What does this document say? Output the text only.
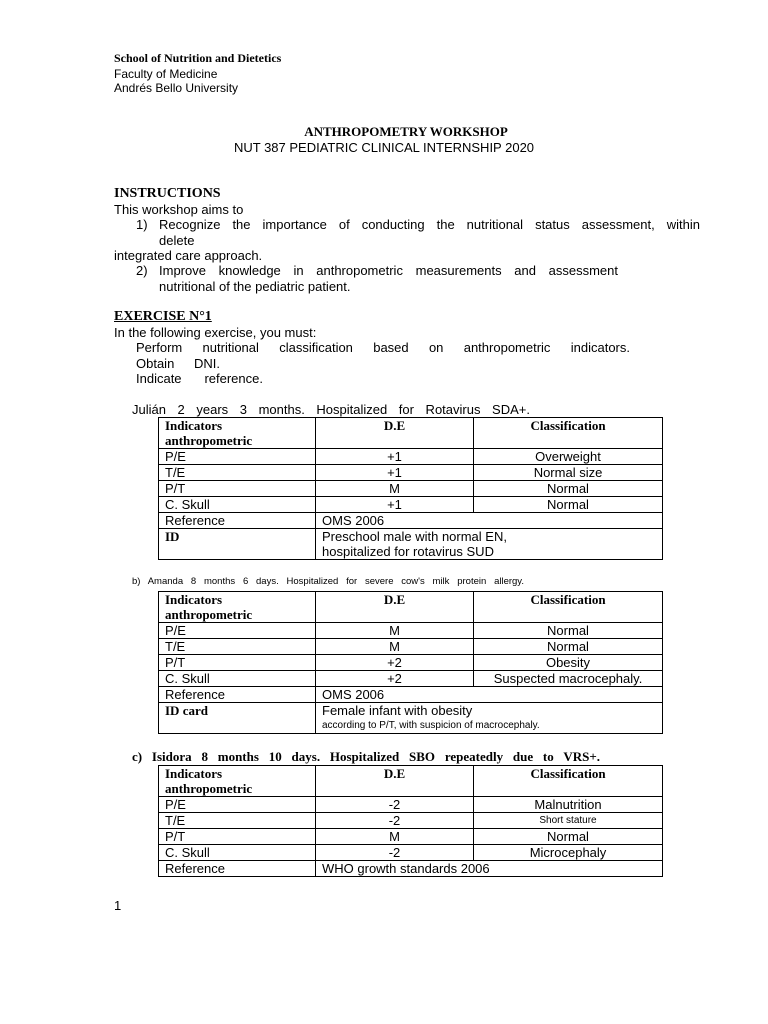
School of Nutrition and Dietetics
Faculty of Medicine
Andrés Bello University
ANTHROPOMETRY WORKSHOP
NUT 387 PEDIATRIC CLINICAL INTERNSHIP 2020
INSTRUCTIONS
This workshop aims to
1) Recognize the importance of conducting the nutritional status assessment, within
delete
integrated care approach.
2) Improve knowledge in anthropometric measurements and assessment
nutritional of the pediatric patient.
EXERCISE N°1
In the following exercise, you must:
Perform nutritional classification based on anthropometric indicators.
Obtain DNI.
Indicate reference.
Julián 2 years 3 months. Hospitalized for Rotavirus SDA+.
Indicators anthropometric	D.E	Classification
P/E	+1	Overweight
T/E	+1	Normal size
P/T	M	Normal
C. Skull	+1	Normal
Reference	OMS 2006	
ID	Preschool male with normal EN,
hospitalized for rotavirus SUD	
b) Amanda 8 months 6 days. Hospitalized for severe cow's milk protein allergy.
Indicators anthropometric	D.E	Classification
P/E	M	Normal
T/E	M	Normal
P/T	+2	Obesity
C. Skull	+2	Suspected macrocephaly.
Reference	OMS 2006	
ID card	Female infant with obesity
according to P/T, with suspicion of macrocephaly.	
c) Isidora 8 months 10 days. Hospitalized SBO repeatedly due to VRS+.
Indicators anthropometric	D.E	Classification
P/E	-2	Malnutrition
T/E	-2	Short stature
P/T	M	Normal
C. Skull	-2	Microcephaly
Reference	WHO growth standards 2006	
1
